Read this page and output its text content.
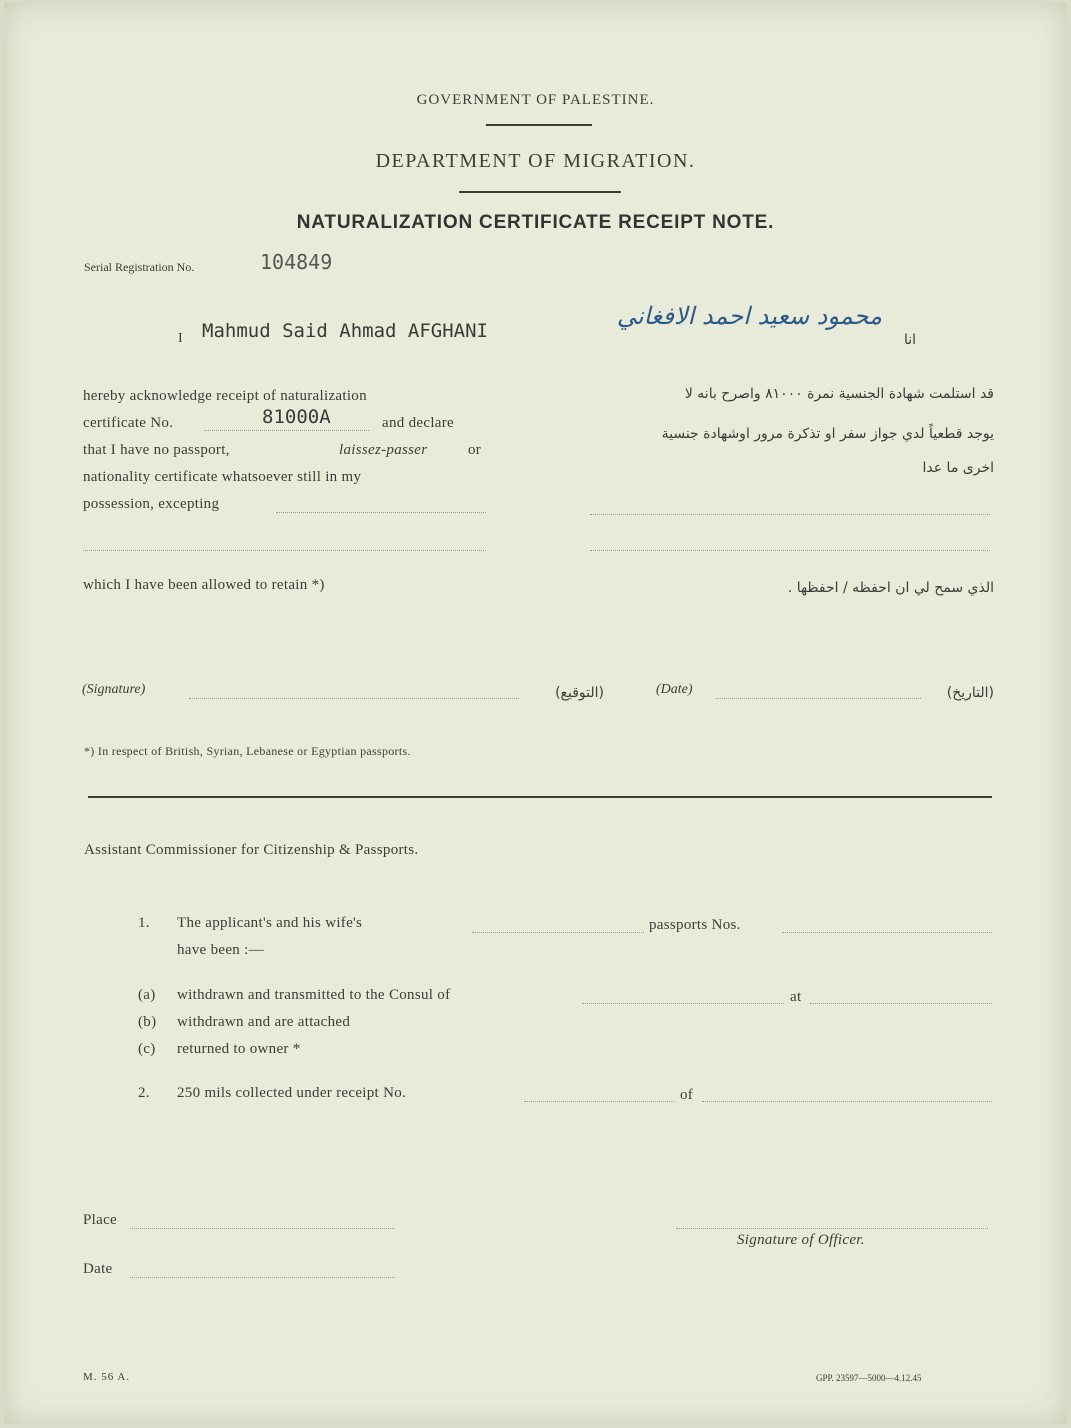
GOVERNMENT OF PALESTINE.
DEPARTMENT OF MIGRATION.
NATURALIZATION CERTIFICATE RECEIPT NOTE.
Serial Registration No.	104849
I Mahmud Said Ahmad AFGHANI
محمود سعيد احمد الافغاني
انا
hereby acknowledge receipt of naturalization
certificate No.	81000A	and declare
that I have no passport,	laissez-passer	or
nationality certificate whatsoever still in my
possession, excepting
which I have been allowed to retain *)
قد استلمت شهادة الجنسية نمرة ٨١٠٠٠ واصرح بانه لا
يوجد قطعياً لدي جواز سفر او تذكرة مرور اوشهادة جنسية
اخرى ما عدا
الذي سمح لي ان احفظه / احفظها .
(Signature)	(التوقيع)	(Date)	(التاريخ)
*) In respect of British, Syrian, Lebanese or Egyptian passports.
Assistant Commissioner for Citizenship & Passports.
1. The applicant's and his wife's	passports Nos.
have been :—
(a) withdrawn and transmitted to the Consul of	at
(b) withdrawn and are attached
(c) returned to owner *
2. 250 mils collected under receipt No.	of
Place
Signature of Officer.
Date
M. 56 A.	GPP. 23597—5000—4.12.45
